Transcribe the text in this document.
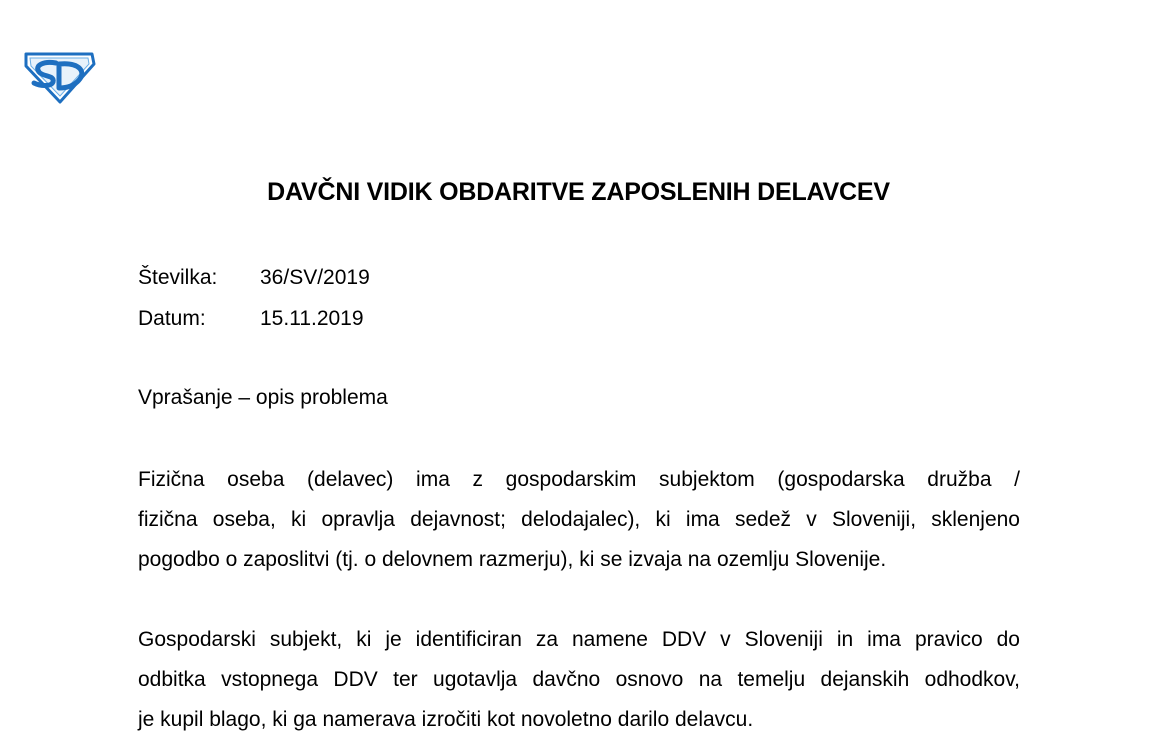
DAVČNI VIDIK OBDARITVE ZAPOSLENIH DELAVCEV
Številka: 36/SV/2019
Datum:	15.11.2019
Vprašanje – opis problema
Fizična oseba (delavec) ima z gospodarskim subjektom (gospodarska družba /
fizična oseba, ki opravlja dejavnost; delodajalec), ki ima sedež v Sloveniji, sklenjeno
pogodbo o zaposlitvi (tj. o delovnem razmerju), ki se izvaja na ozemlju Slovenije.
Gospodarski subjekt, ki je identificiran za namene DDV v Sloveniji in ima pravico do
odbitka vstopnega DDV ter ugotavlja davčno osnovo na temelju dejanskih odhodkov,
je kupil blago, ki ga namerava izročiti kot novoletno darilo delavcu.
